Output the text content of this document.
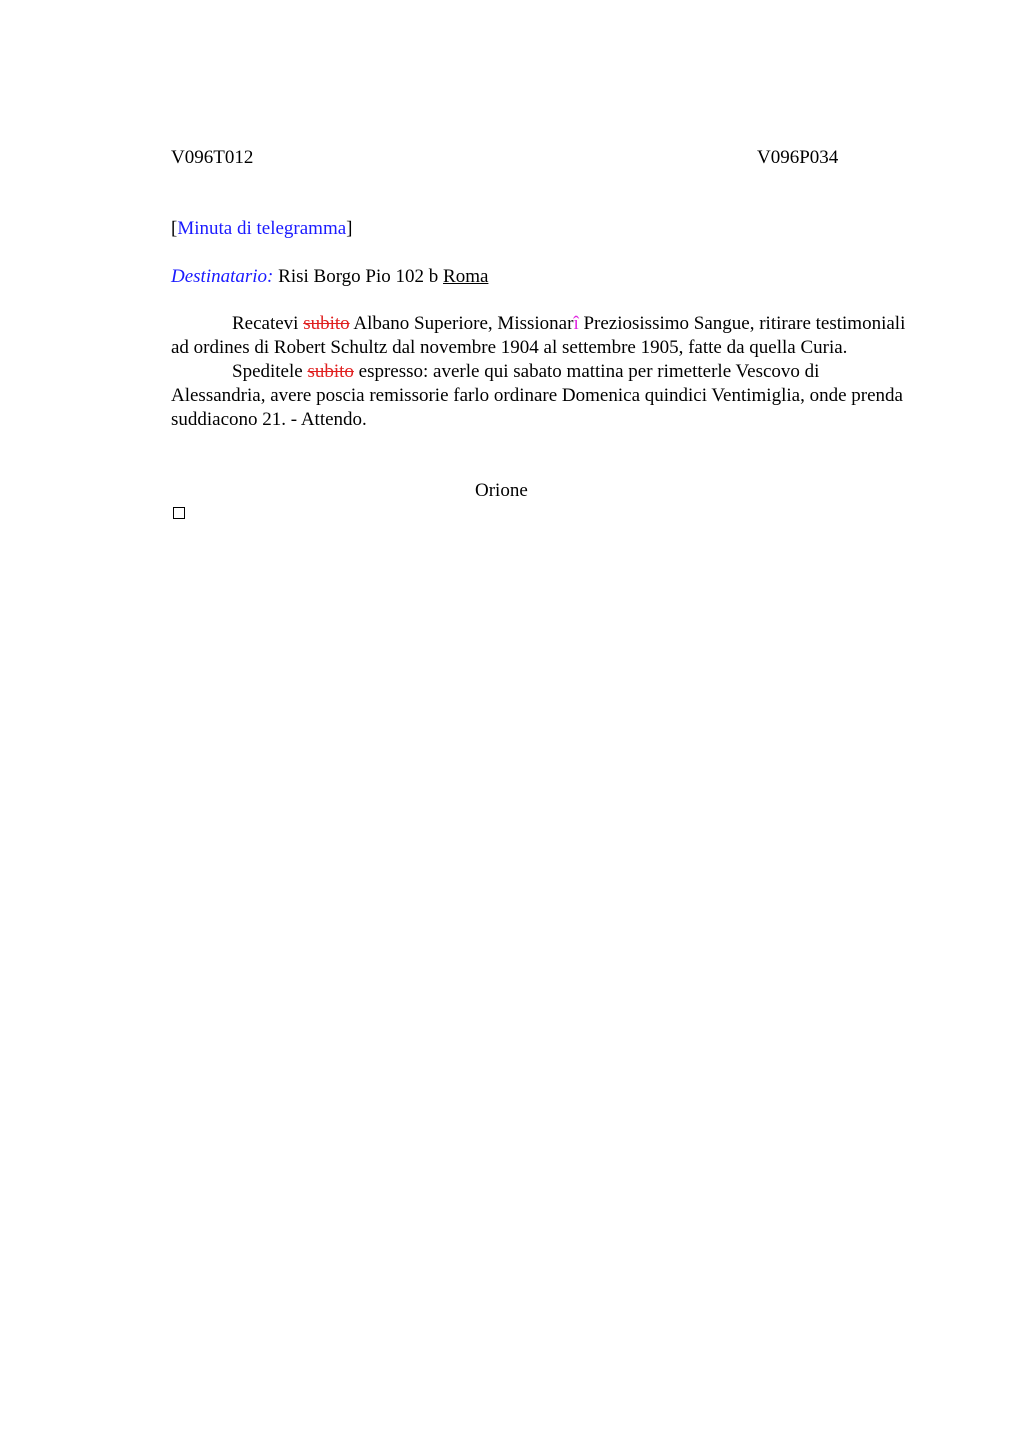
V096T012	V096P034
[Minuta di telegramma]
Destinatario: Risi Borgo Pio 102 b Roma

Recatevi subito Albano Superiore, Missionarî Preziosissimo Sangue, ritirare testimoniali ad ordines di Robert Schultz dal novembre 1904 al settembre 1905, fatte da quella Curia.

Speditele subito espresso: averle qui sabato mattina per rimetterle Vescovo di Alessandria, avere poscia remissorie farlo ordinare Domenica quindici Ventimiglia, onde prenda suddiacono 21. - Attendo.

Orione
